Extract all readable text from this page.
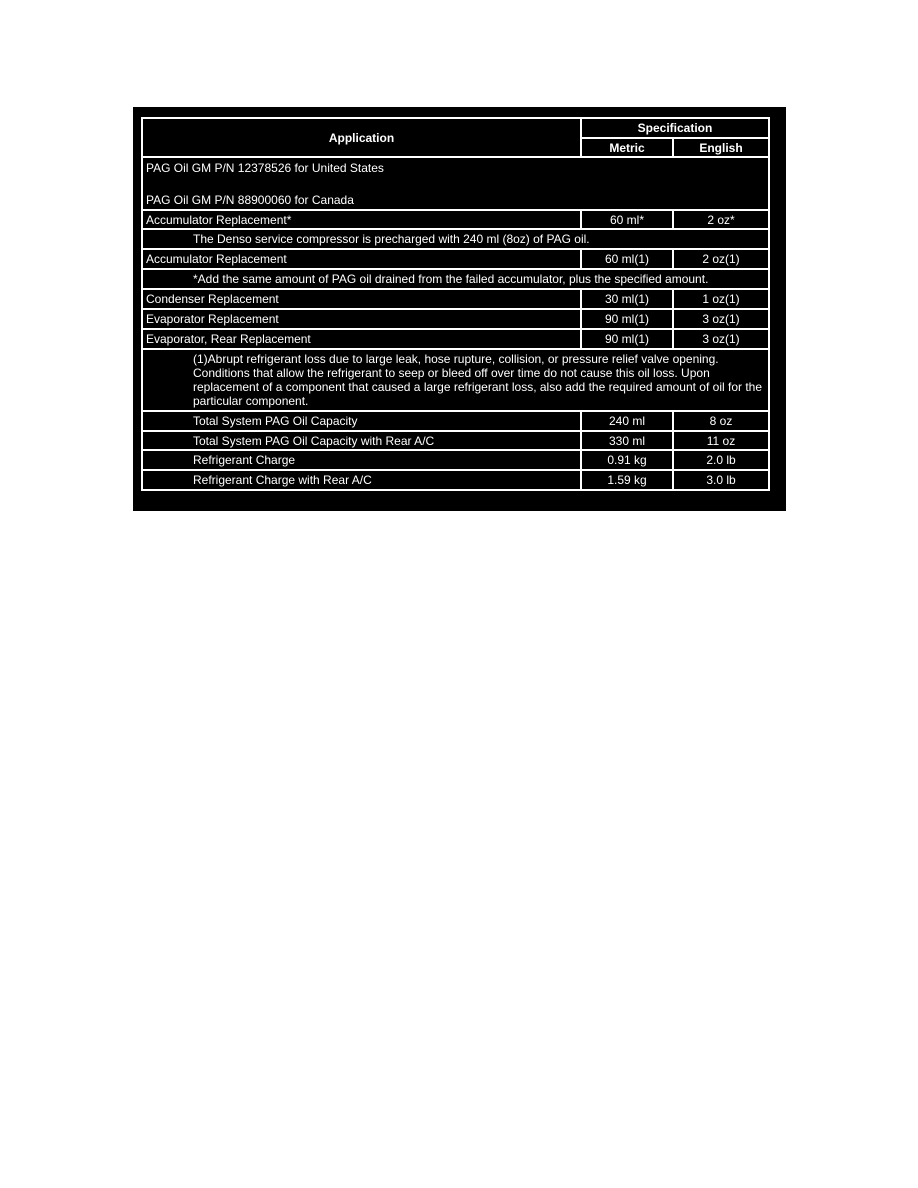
Application	Specification	
	Metric	English

PAG Oil GM P/N 12378526 for United States
PAG Oil GM P/N 88900060 for Canada		

Accumulator Replacement*	60 ml*	2 oz*
The Denso service compressor is precharged with 240 ml (8oz) of PAG oil.		
Accumulator Replacement	60 ml(1)	2 oz(1)
*Add the same amount of PAG oil drained from the failed accumulator, plus the specified amount.		
Condenser Replacement	30 ml(1)	1 oz(1)
Evaporator Replacement	90 ml(1)	3 oz(1)
Evaporator, Rear Replacement	90 ml(1)	3 oz(1)
(1)Abrupt refrigerant loss due to large leak, hose rupture, collision, or pressure relief valve opening. Conditions that allow the refrigerant to seep or bleed off over time do not cause this oil loss. Upon replacement of a component that caused a large refrigerant loss, also add the required amount of oil for the particular component.		
Total System PAG Oil Capacity	240 ml	8 oz
Total System PAG Oil Capacity with Rear A/C	330 ml	11 oz
Refrigerant Charge	0.91 kg	2.0 lb
Refrigerant Charge with Rear A/C	1.59 kg	3.0 lb
